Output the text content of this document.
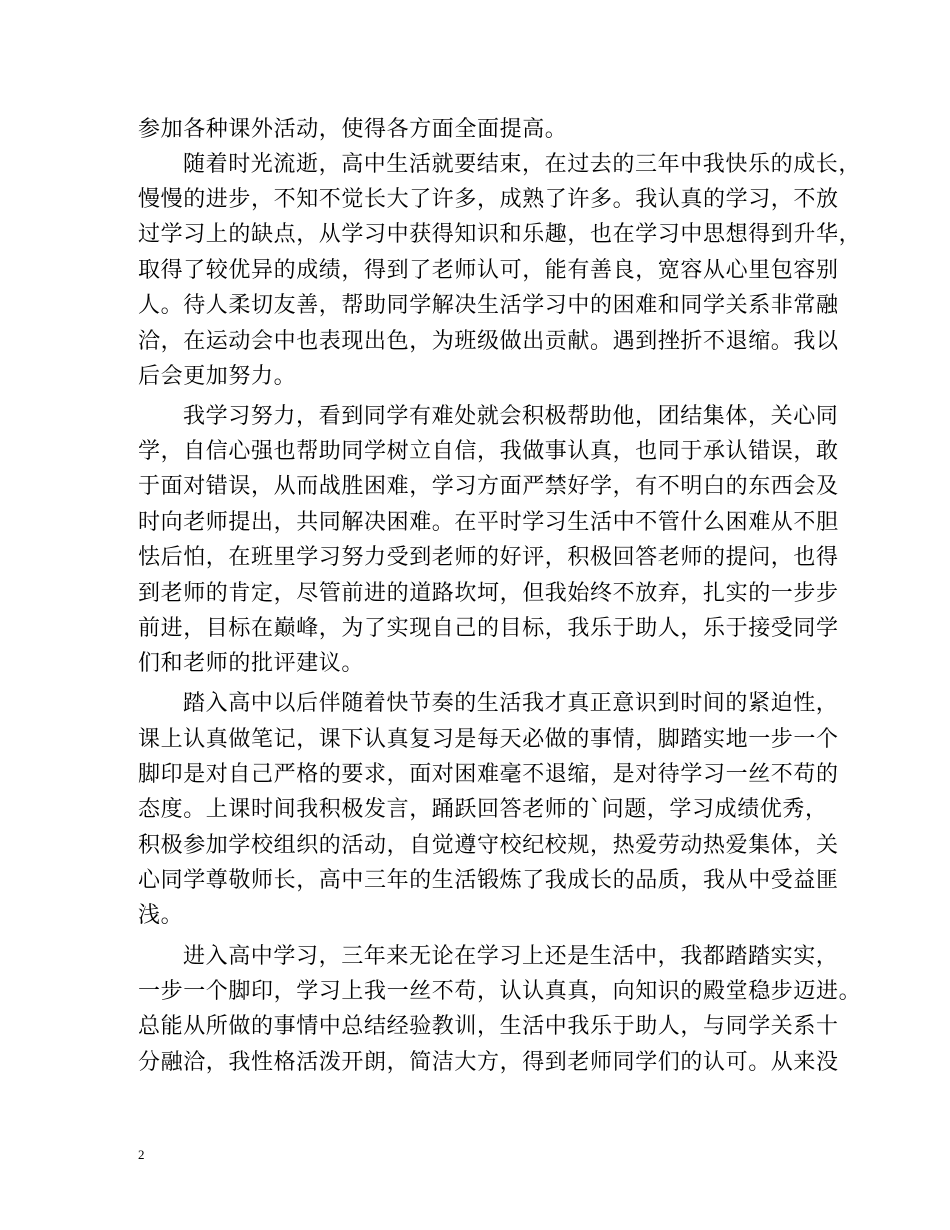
参加各种课外活动，使得各方面全面提高。
随着时光流逝，高中生活就要结束，在过去的三年中我快乐的成长，
慢慢的进步，不知不觉长大了许多，成熟了许多。我认真的学习，不放
过学习上的缺点，从学习中获得知识和乐趣，也在学习中思想得到升华，
取得了较优异的成绩，得到了老师认可，能有善良，宽容从心里包容别
人。待人柔切友善，帮助同学解决生活学习中的困难和同学关系非常融
洽，在运动会中也表现出色，为班级做出贡献。遇到挫折不退缩。我以
后会更加努力。
我学习努力，看到同学有难处就会积极帮助他，团结集体，关心同
学，自信心强也帮助同学树立自信，我做事认真，也同于承认错误，敢
于面对错误，从而战胜困难，学习方面严禁好学，有不明白的东西会及
时向老师提出，共同解决困难。在平时学习生活中不管什么困难从不胆
怯后怕，在班里学习努力受到老师的好评，积极回答老师的提问，也得
到老师的肯定，尽管前进的道路坎坷，但我始终不放弃，扎实的一步步
前进，目标在巅峰，为了实现自己的目标，我乐于助人，乐于接受同学
们和老师的批评建议。
踏入高中以后伴随着快节奏的生活我才真正意识到时间的紧迫性，
课上认真做笔记，课下认真复习是每天必做的事情，脚踏实地一步一个
脚印是对自己严格的要求，面对困难毫不退缩，是对待学习一丝不苟的
态度。上课时间我积极发言，踊跃回答老师的`问题，学习成绩优秀，
积极参加学校组织的活动，自觉遵守校纪校规，热爱劳动热爱集体，关
心同学尊敬师长，高中三年的生活锻炼了我成长的品质，我从中受益匪
浅。
进入高中学习，三年来无论在学习上还是生活中，我都踏踏实实，
一步一个脚印，学习上我一丝不苟，认认真真，向知识的殿堂稳步迈进。
总能从所做的事情中总结经验教训，生活中我乐于助人，与同学关系十
分融洽，我性格活泼开朗，简洁大方，得到老师同学们的认可。从来没
2
